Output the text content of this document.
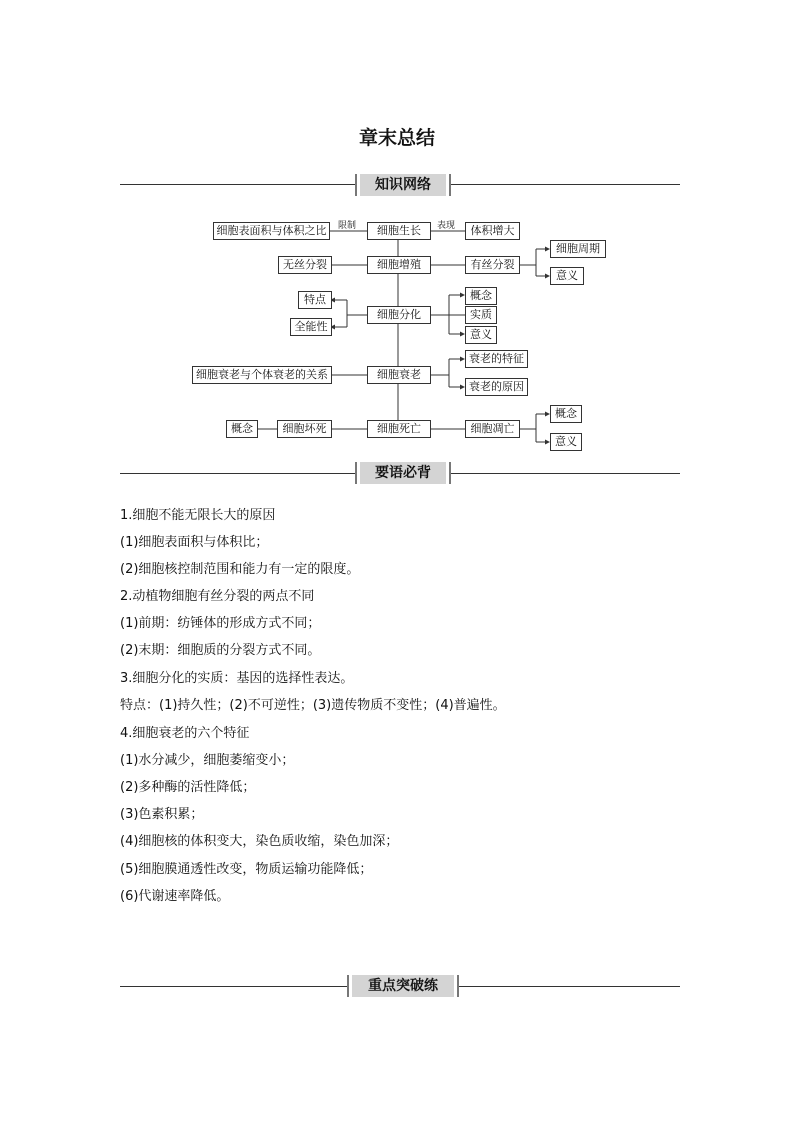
章末总结
知识网络
细胞表面积与体积之比	限制	细胞生长	表现	体积增大
细胞周期
意义
无丝分裂	细胞增殖	有丝分裂
特点
全能性
细胞分化
概念
实质
意义
细胞衰老与个体衰老的关系	细胞衰老
衰老的特征
衰老的原因
概念	细胞坏死	细胞死亡	细胞凋亡
概念
意义
要语必背
1.细胞不能无限长大的原因
(1)细胞表面积与体积比；
(2)细胞核控制范围和能力有一定的限度。
2.动植物细胞有丝分裂的两点不同
(1)前期：纺锤体的形成方式不同；
(2)末期：细胞质的分裂方式不同。
3.细胞分化的实质：基因的选择性表达。
特点：(1)持久性；(2)不可逆性；(3)遗传物质不变性；(4)普遍性。
4.细胞衰老的六个特征
(1)水分减少，细胞萎缩变小；
(2)多种酶的活性降低；
(3)色素积累；
(4)细胞核的体积变大，染色质收缩，染色加深；
(5)细胞膜通透性改变，物质运输功能降低；
(6)代谢速率降低。
重点突破练
